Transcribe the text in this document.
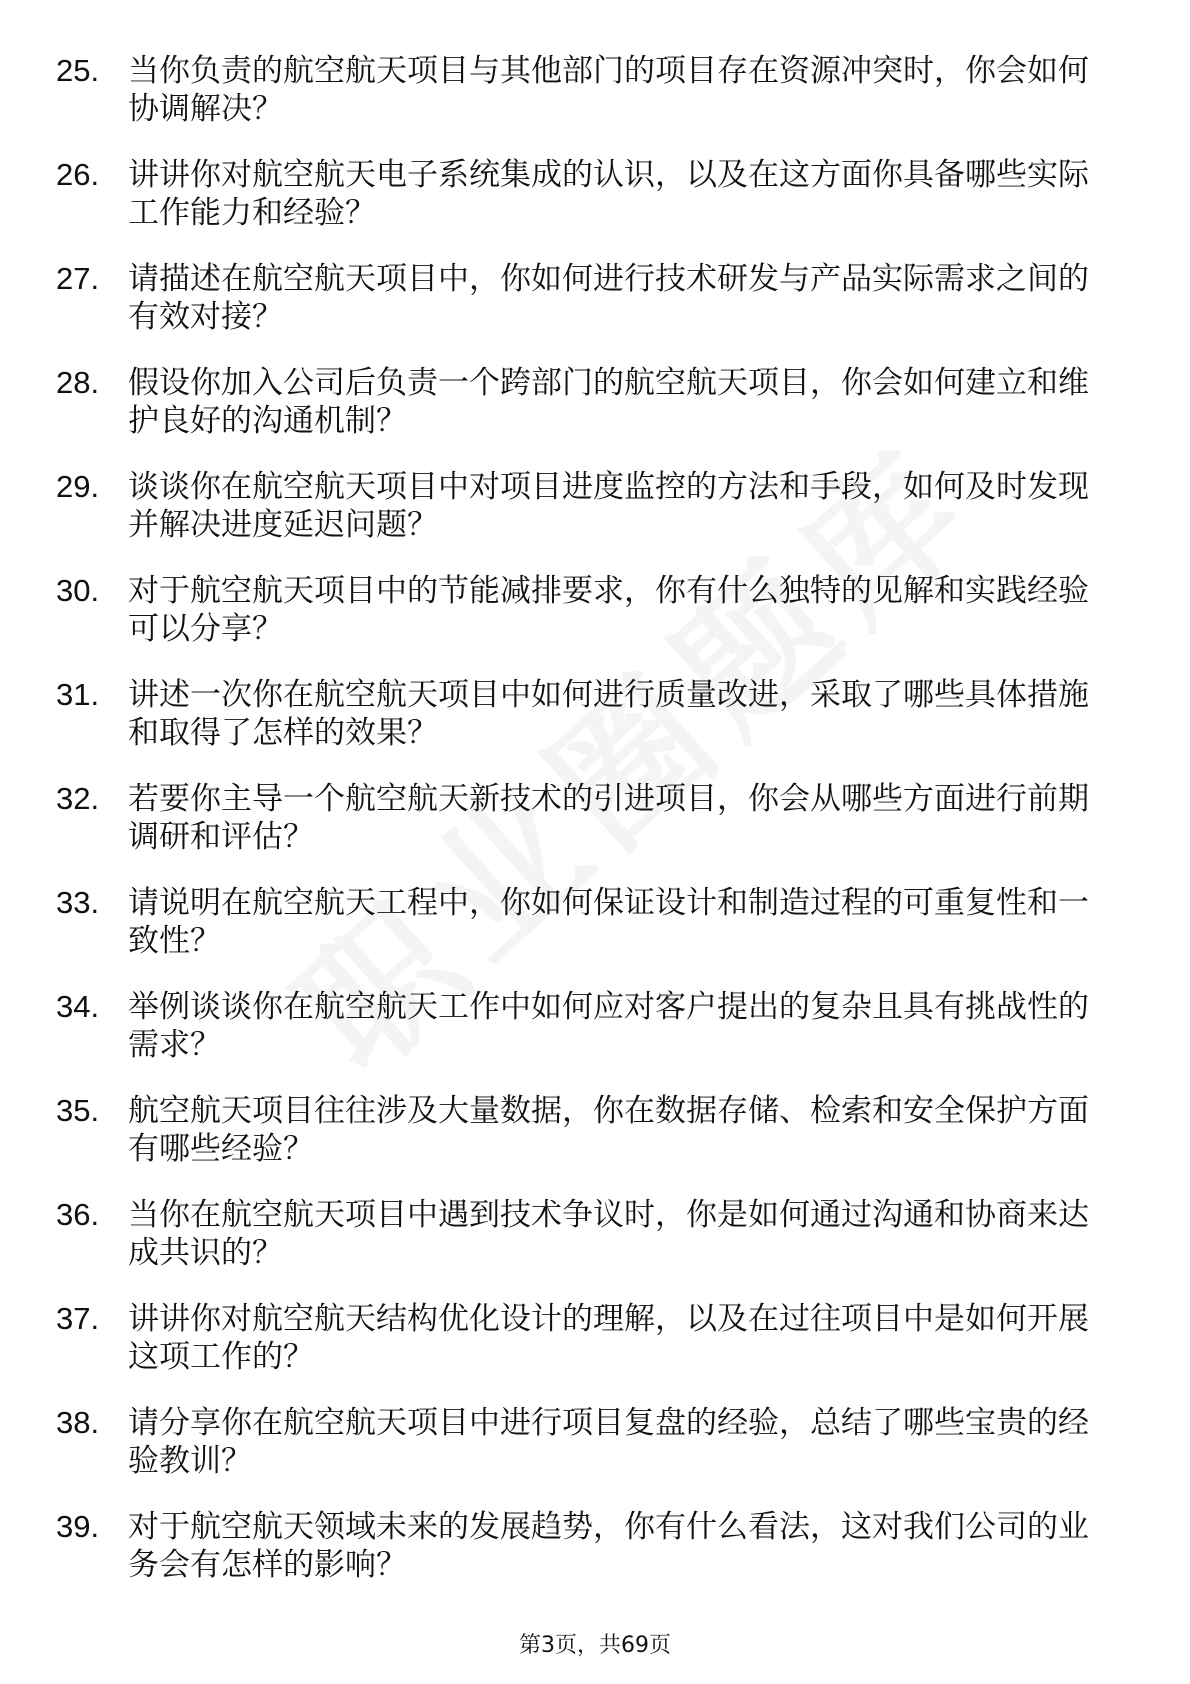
25. 当你负责的航空航天项目与其他部门的项目存在资源冲突时，你会如何协调解决？
26. 讲讲你对航空航天电子系统集成的认识，以及在这方面你具备哪些实际工作能力和经验？
27. 请描述在航空航天项目中，你如何进行技术研发与产品实际需求之间的有效对接？
28. 假设你加入公司后负责一个跨部门的航空航天项目，你会如何建立和维护良好的沟通机制？
29. 谈谈你在航空航天项目中对项目进度监控的方法和手段，如何及时发现并解决进度延迟问题？
30. 对于航空航天项目中的节能减排要求，你有什么独特的见解和实践经验可以分享？
31. 讲述一次你在航空航天项目中如何进行质量改进，采取了哪些具体措施和取得了怎样的效果？
32. 若要你主导一个航空航天新技术的引进项目，你会从哪些方面进行前期调研和评估？
33. 请说明在航空航天工程中，你如何保证设计和制造过程的可重复性和一致性？
34. 举例谈谈你在航空航天工作中如何应对客户提出的复杂且具有挑战性的需求？
35. 航空航天项目往往涉及大量数据，你在数据存储、检索和安全保护方面有哪些经验？
36. 当你在航空航天项目中遇到技术争议时，你是如何通过沟通和协商来达成共识的？
37. 讲讲你对航空航天结构优化设计的理解，以及在过往项目中是如何开展这项工作的？
38. 请分享你在航空航天项目中进行项目复盘的经验，总结了哪些宝贵的经验教训？
39. 对于航空航天领域未来的发展趋势，你有什么看法，这对我们公司的业务会有怎样的影响？
第3页，共69页
